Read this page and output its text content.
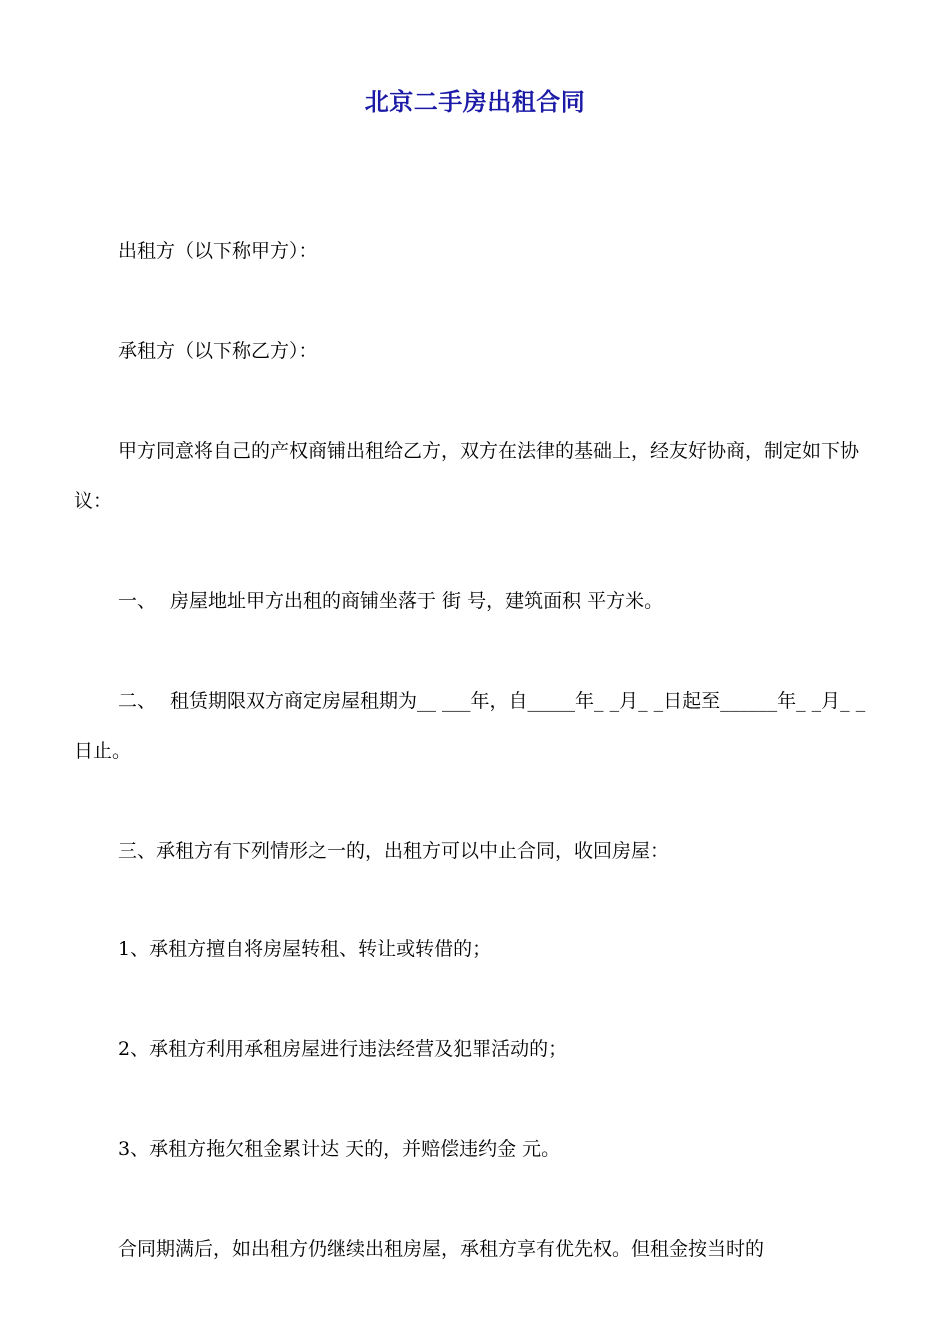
北京二手房出租合同

出租方（以下称甲方）：

承租方（以下称乙方）：

甲方同意将自己的产权商铺出租给乙方，双方在法律的基础上，经友好协商，制定如下协议：

一、 房屋地址甲方出租的商铺坐落于 街 号，建筑面积 平方米。

二、 租赁期限双方商定房屋租期为__ ___年，自_____年_ _月_ _日起至______年_ _月_ _日止。

三、承租方有下列情形之一的，出租方可以中止合同，收回房屋：

1、承租方擅自将房屋转租、转让或转借的；

2、承租方利用承租房屋进行违法经营及犯罪活动的；

3、承租方拖欠租金累计达 天的，并赔偿违约金 元。

合同期满后，如出租方仍继续出租房屋，承租方享有优先权。但租金按当时的
